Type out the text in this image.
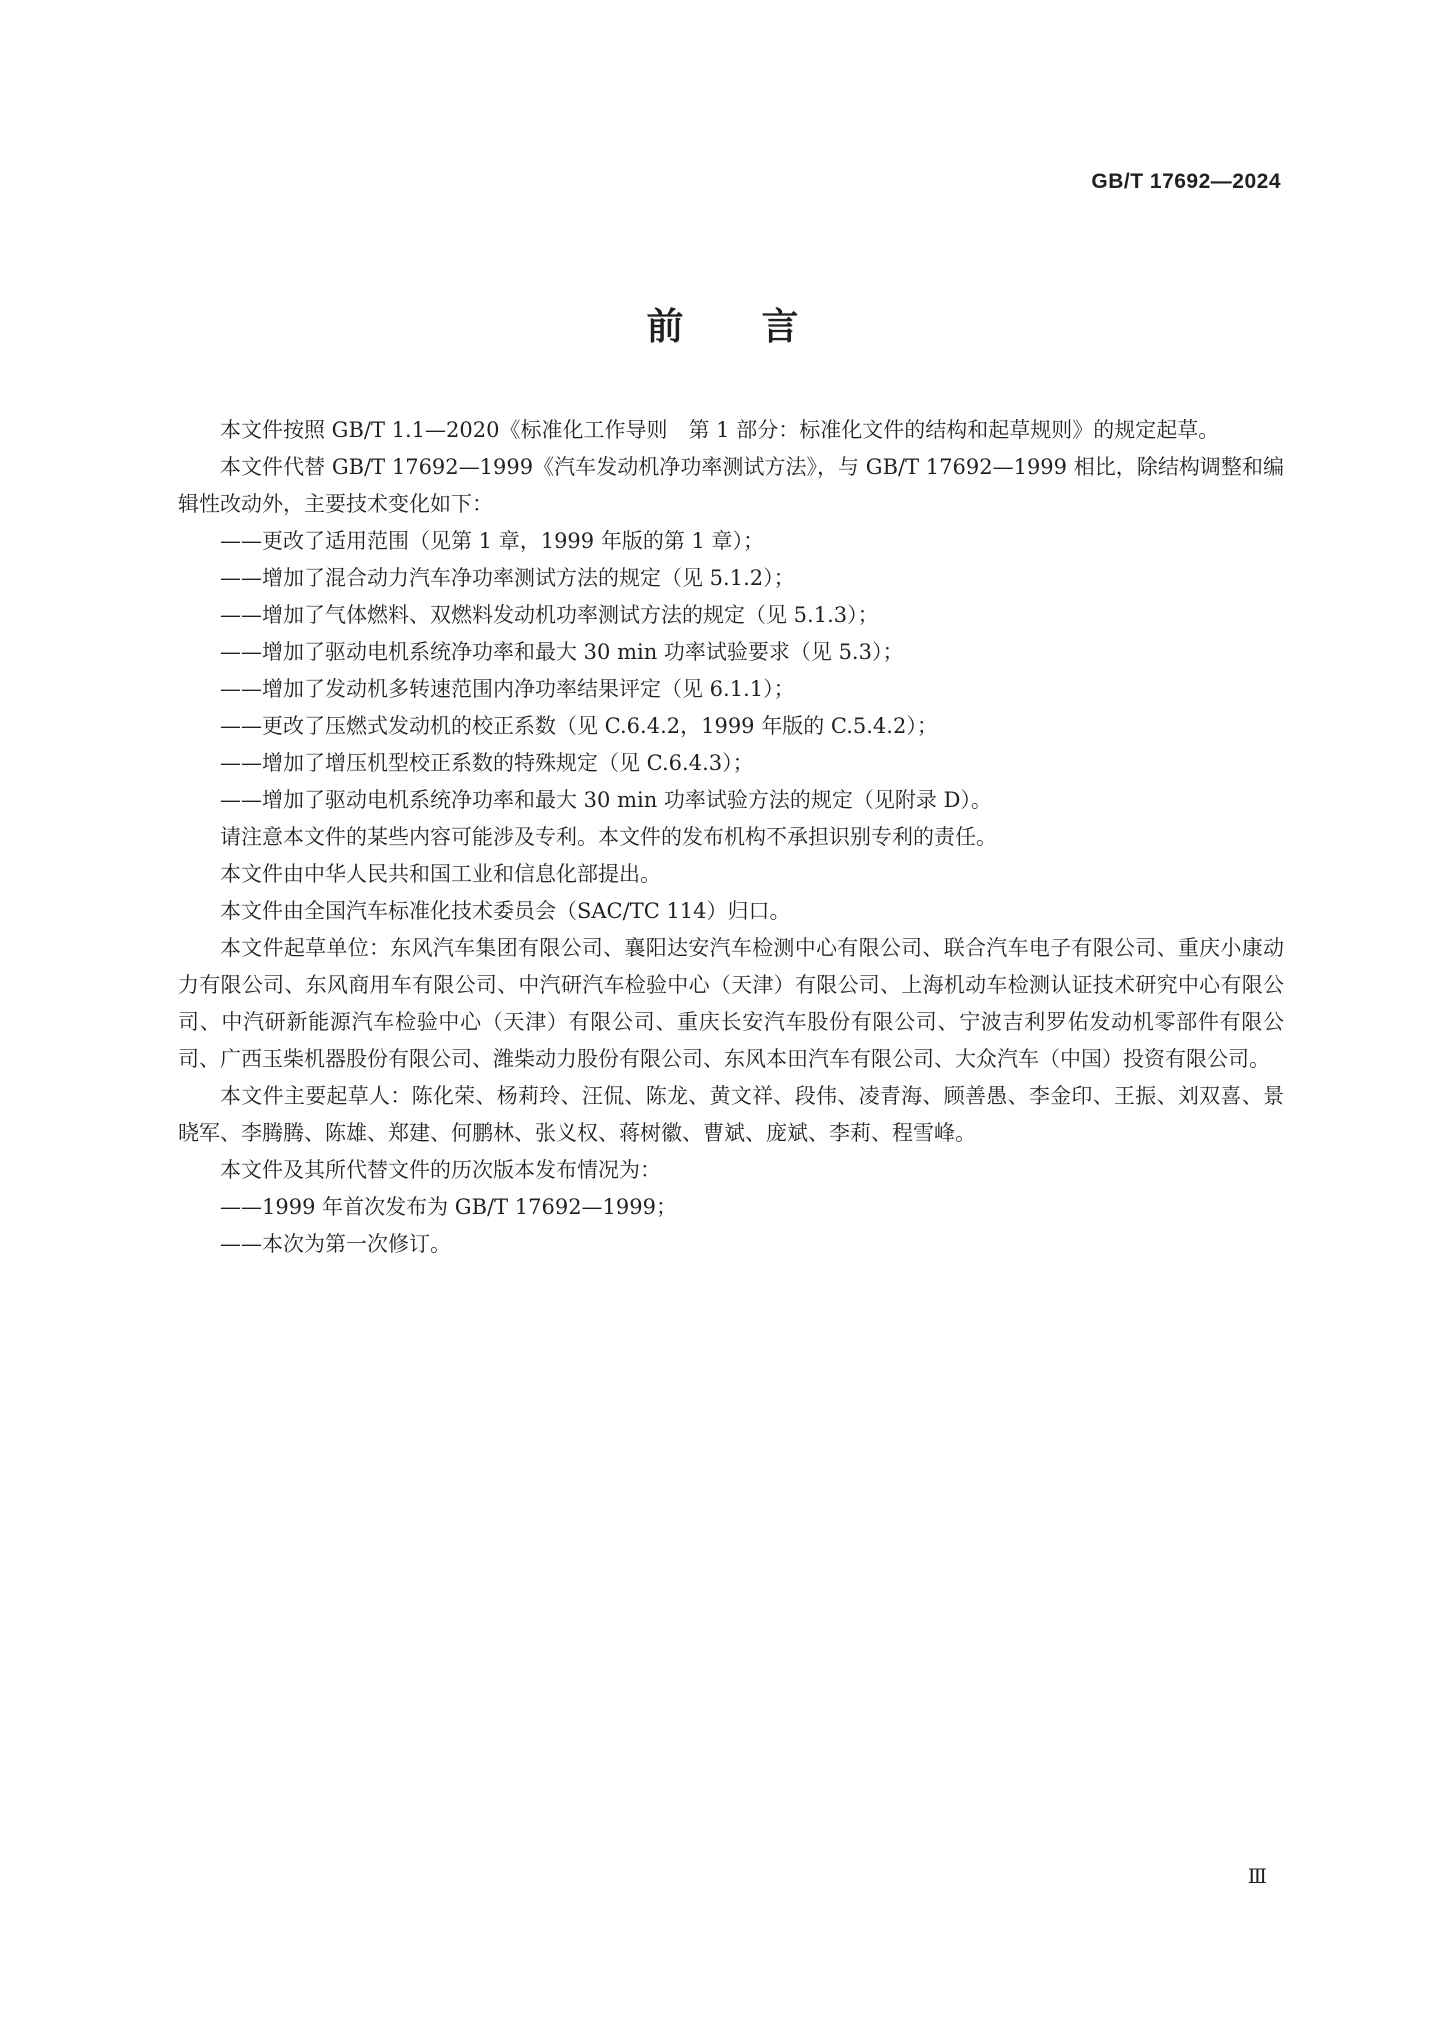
GB/T 17692—2024
前言

本文件按照 GB/T 1.1—2020《标准化工作导则　第 1 部分：标准化文件的结构和起草规则》的规定起草。

本文件代替 GB/T 17692—1999《汽车发动机净功率测试方法》，与 GB/T 17692—1999 相比，除结构调整和编辑性改动外，主要技术变化如下：

——更改了适用范围（见第 1 章，1999 年版的第 1 章）；

——增加了混合动力汽车净功率测试方法的规定（见 5.1.2）；

——增加了气体燃料、双燃料发动机功率测试方法的规定（见 5.1.3）；

——增加了驱动电机系统净功率和最大 30 min 功率试验要求（见 5.3）；

——增加了发动机多转速范围内净功率结果评定（见 6.1.1）；

——更改了压燃式发动机的校正系数（见 C.6.4.2，1999 年版的 C.5.4.2）；

——增加了增压机型校正系数的特殊规定（见 C.6.4.3）；

——增加了驱动电机系统净功率和最大 30 min 功率试验方法的规定（见附录 D）。

请注意本文件的某些内容可能涉及专利。本文件的发布机构不承担识别专利的责任。

本文件由中华人民共和国工业和信息化部提出。

本文件由全国汽车标准化技术委员会（SAC/TC 114）归口。

本文件起草单位：东风汽车集团有限公司、襄阳达安汽车检测中心有限公司、联合汽车电子有限公司、重庆小康动力有限公司、东风商用车有限公司、中汽研汽车检验中心（天津）有限公司、上海机动车检测认证技术研究中心有限公司、中汽研新能源汽车检验中心（天津）有限公司、重庆长安汽车股份有限公司、宁波吉利罗佑发动机零部件有限公司、广西玉柴机器股份有限公司、潍柴动力股份有限公司、东风本田汽车有限公司、大众汽车（中国）投资有限公司。

本文件主要起草人：陈化荣、杨莉玲、汪侃、陈龙、黄文祥、段伟、凌青海、顾善愚、李金印、王振、刘双喜、景晓军、李腾腾、陈雄、郑建、何鹏林、张义权、蒋树徽、曹斌、庞斌、李莉、程雪峰。

本文件及其所代替文件的历次版本发布情况为：

——1999 年首次发布为 GB/T 17692—1999；

——本次为第一次修订。

Ⅲ
